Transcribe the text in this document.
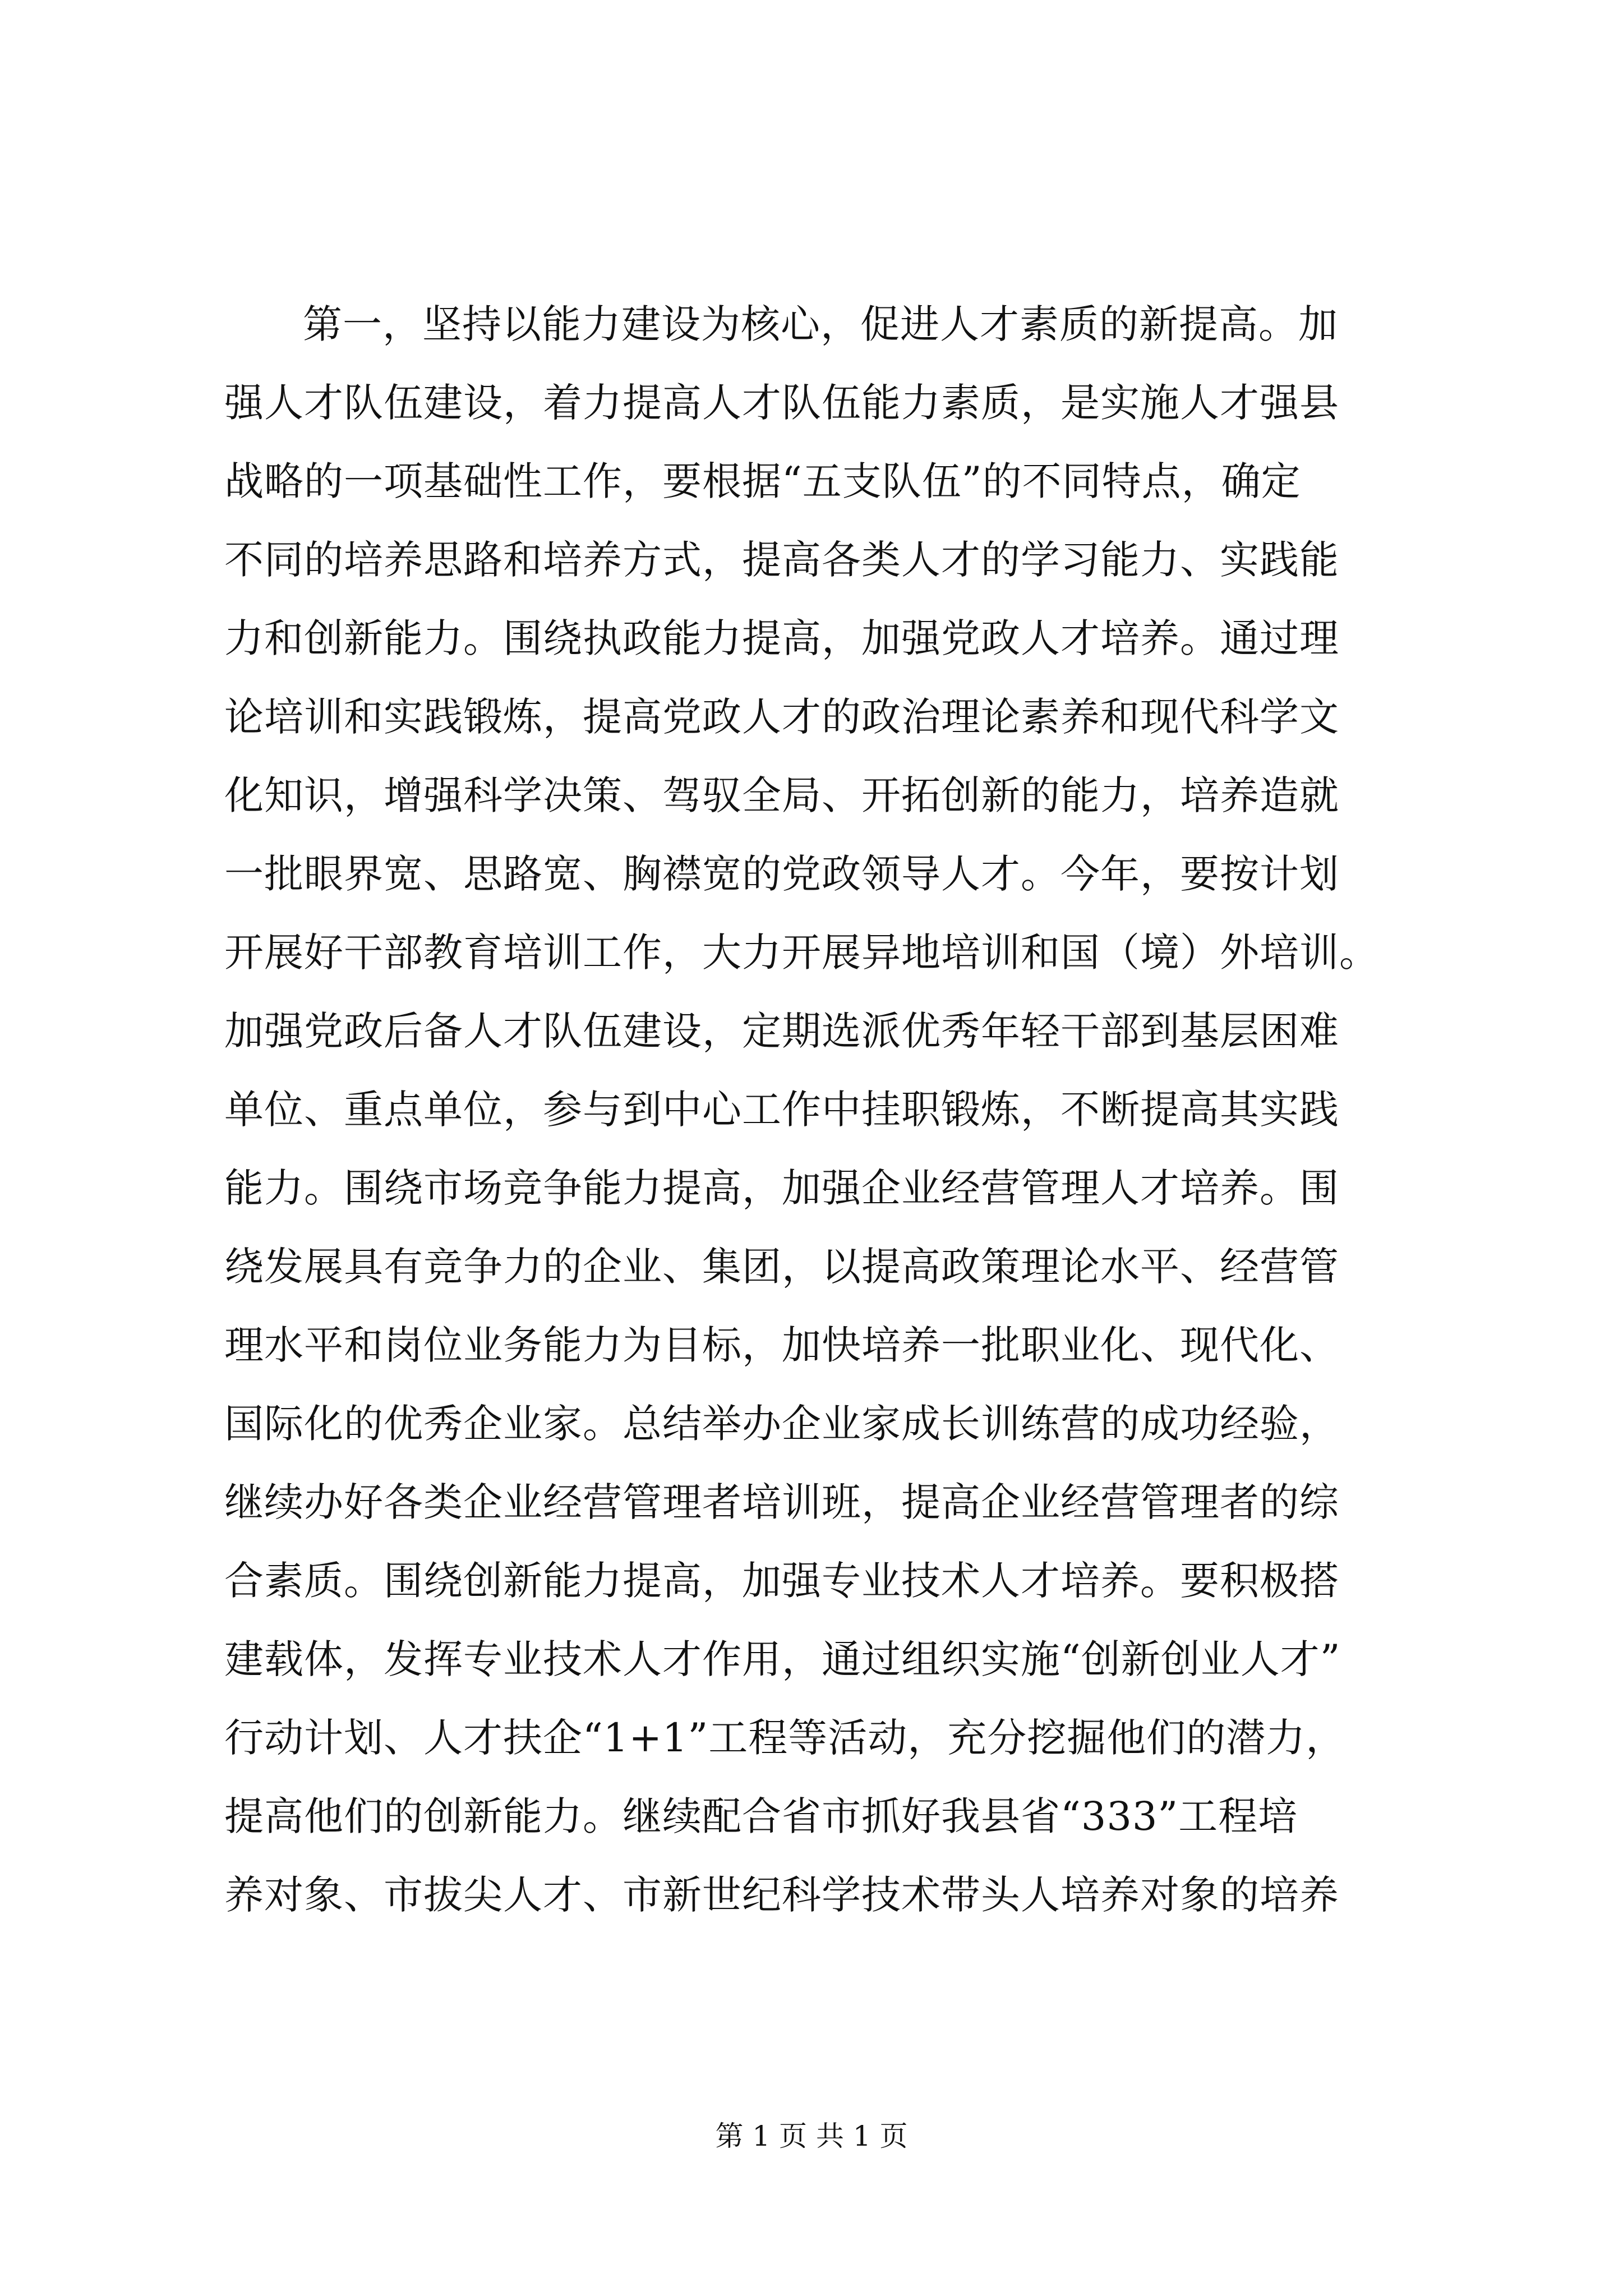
第一，坚持以能力建设为核心，促进人才素质的新提高。加
强人才队伍建设，着力提高人才队伍能力素质，是实施人才强县
战略的一项基础性工作，要根据“五支队伍”的不同特点，确定
不同的培养思路和培养方式，提高各类人才的学习能力、实践能
力和创新能力。围绕执政能力提高，加强党政人才培养。通过理
论培训和实践锻炼，提高党政人才的政治理论素养和现代科学文
化知识，增强科学决策、驾驭全局、开拓创新的能力，培养造就
一批眼界宽、思路宽、胸襟宽的党政领导人才。今年，要按计划
开展好干部教育培训工作，大力开展异地培训和国（境）外培训。
加强党政后备人才队伍建设，定期选派优秀年轻干部到基层困难
单位、重点单位，参与到中心工作中挂职锻炼，不断提高其实践
能力。围绕市场竞争能力提高，加强企业经营管理人才培养。围
绕发展具有竞争力的企业、集团，以提高政策理论水平、经营管
理水平和岗位业务能力为目标，加快培养一批职业化、现代化、
国际化的优秀企业家。总结举办企业家成长训练营的成功经验，
继续办好各类企业经营管理者培训班，提高企业经营管理者的综
合素质。围绕创新能力提高，加强专业技术人才培养。要积极搭
建载体，发挥专业技术人才作用，通过组织实施“创新创业人才”
行动计划、人才扶企“1+1”工程等活动，充分挖掘他们的潜力，
提高他们的创新能力。继续配合省市抓好我县省“333”工程培
养对象、市拔尖人才、市新世纪科学技术带头人培养对象的培养
第 1 页 共 1 页
